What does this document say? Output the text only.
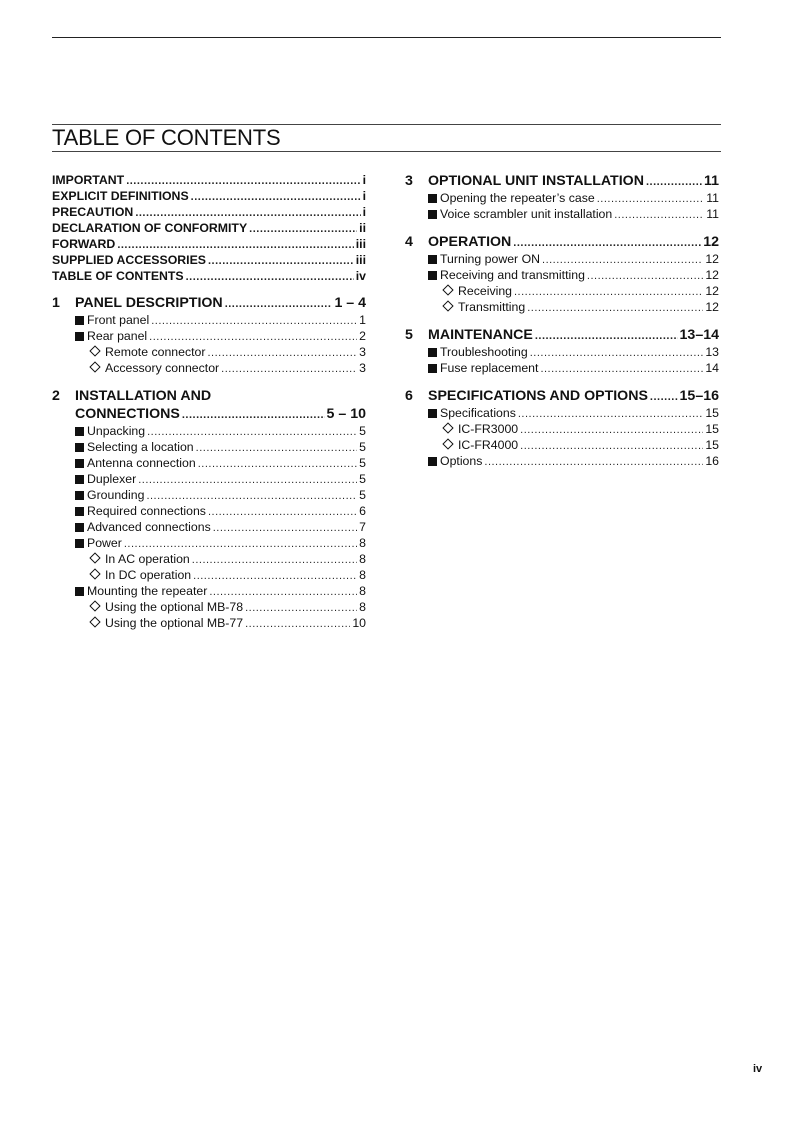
TABLE OF CONTENTS
IMPORTANT .....	i
EXPLICIT DEFINITIONS .....	i
PRECAUTION .....	i
DECLARATION OF CONFORMITY .....	ii
FORWARD .....	iii
SUPPLIED ACCESSORIES .....	iii
TABLE OF CONTENTS .....	iv
1 PANEL DESCRIPTION .....	1 – 4
Front panel .....	1
Rear panel .....	2
Remote connector .....	3
Accessory connector .....	3
2 INSTALLATION AND
CONNECTIONS .....	5 – 10
Unpacking .....	5
Selecting a location .....	5
Antenna connection .....	5
Duplexer .....	5
Grounding .....	5
Required connections .....	6
Advanced connections .....	7
Power .....	8
In AC operation .....	8
In DC operation .....	8
Mounting the repeater .....	8
Using the optional MB-78 .....	8
Using the optional MB-77 .....	10
3 OPTIONAL UNIT INSTALLATION .....	11
Opening the repeater’s case .....	11
Voice scrambler unit installation .....	11
4 OPERATION .....	12
Turning power ON .....	12
Receiving and transmitting .....	12
Receiving .....	12
Transmitting .....	12
5 MAINTENANCE .....	13–14
Troubleshooting .....	13
Fuse replacement .....	14
6 SPECIFICATIONS AND OPTIONS ..... 15–16
Specifications .....	15
IC-FR3000 .....	15
IC-FR4000 .....	15
Options .....	16
iv
